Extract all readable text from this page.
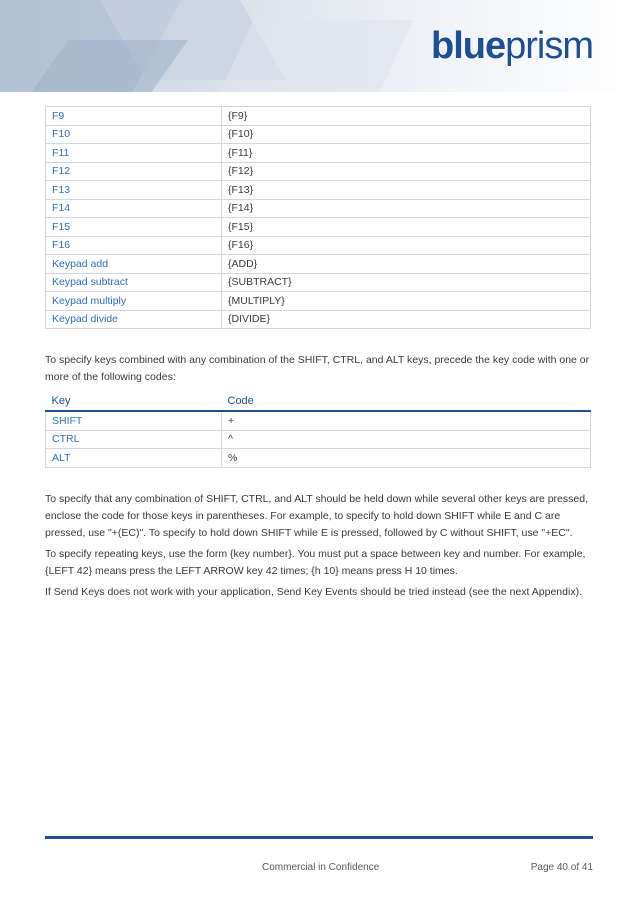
blueprism
F9	{F9}
F10	{F10}
F11	{F11}
F12	{F12}
F13	{F13}
F14	{F14}
F15	{F15}
F16	{F16}
Keypad add	{ADD}
Keypad subtract	{SUBTRACT}
Keypad multiply	{MULTIPLY}
Keypad divide	{DIVIDE}

To specify keys combined with any combination of the SHIFT, CTRL, and ALT keys, precede the key code with one or more of the following codes:

Key	Code
SHIFT	+
CTRL	^
ALT	%

To specify that any combination of SHIFT, CTRL, and ALT should be held down while several other keys are pressed, enclose the code for those keys in parentheses. For example, to specify to hold down SHIFT while E and C are pressed, use "+(EC)". To specify to hold down SHIFT while E is pressed, followed by C without SHIFT, use "+EC".

To specify repeating keys, use the form {key number}. You must put a space between key and number. For example, {LEFT 42} means press the LEFT ARROW key 42 times; {h 10} means press H 10 times.

If Send Keys does not work with your application, Send Key Events should be tried instead (see the next Appendix).

Commercial in Confidence	Page 40 of 41
